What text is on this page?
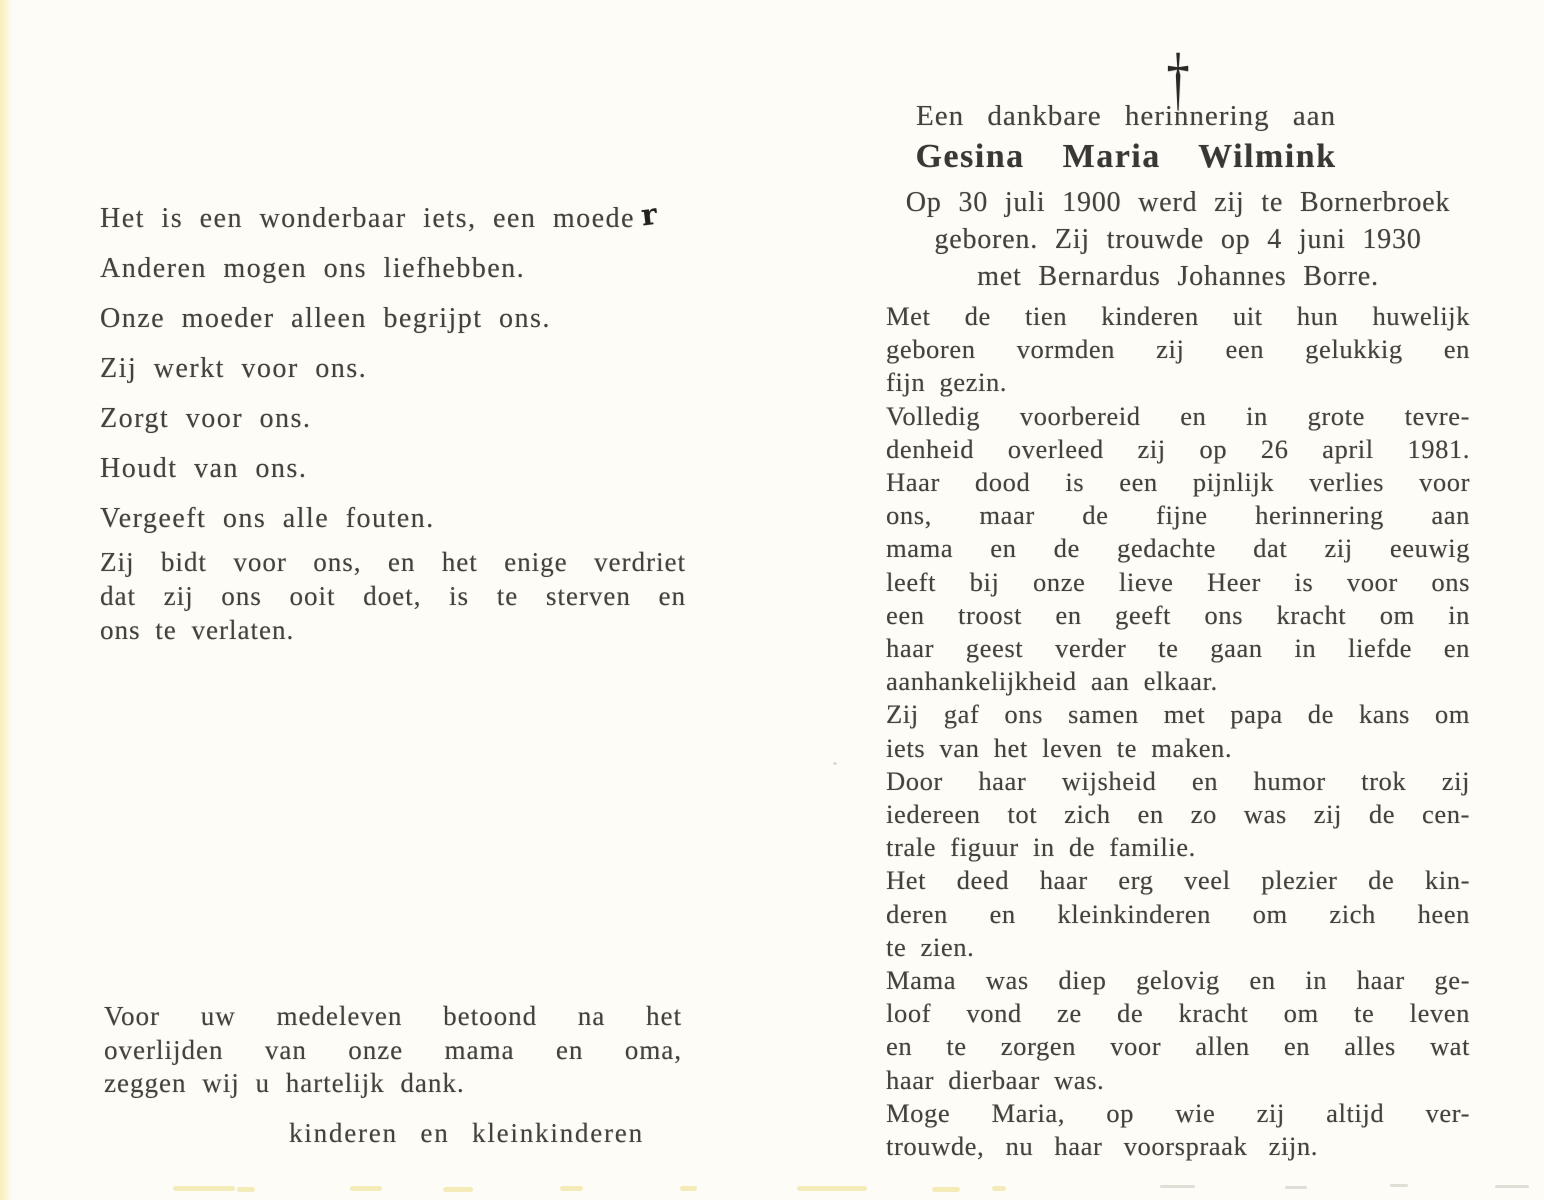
Het is een wonderbaar iets, een moede r
Anderen mogen ons liefhebben.
Onze moeder alleen begrijpt ons.
Zij werkt voor ons.
Zorgt voor ons.
Houdt van ons.
Vergeeft ons alle fouten.
Zij bidt voor ons, en het enige verdriet
dat zij ons ooit doet, is te sterven en
ons te verlaten.
Voor uw medeleven betoond na het
overlijden van onze mama en oma,
zeggen wij u hartelijk dank.
kinderen en kleinkinderen
†
Een dankbare herinnering aan
Gesina Maria Wilmink
Op 30 juli 1900 werd zij te Bornerbroek
geboren. Zij trouwde op 4 juni 1930
met Bernardus Johannes Borre.
Met de tien kinderen uit hun huwelijk
geboren vormden zij een gelukkig en
fijn gezin.
Volledig voorbereid en in grote tevre-
denheid overleed zij op 26 april 1981.
Haar dood is een pijnlijk verlies voor
ons, maar de fijne herinnering aan
mama en de gedachte dat zij eeuwig
leeft bij onze lieve Heer is voor ons
een troost en geeft ons kracht om in
haar geest verder te gaan in liefde en
aanhankelijkheid aan elkaar.
Zij gaf ons samen met papa de kans om
iets van het leven te maken.
Door haar wijsheid en humor trok zij
iedereen tot zich en zo was zij de cen-
trale figuur in de familie.
Het deed haar erg veel plezier de kin-
deren en kleinkinderen om zich heen
te zien.
Mama was diep gelovig en in haar ge-
loof vond ze de kracht om te leven
en te zorgen voor allen en alles wat
haar dierbaar was.
Moge Maria, op wie zij altijd ver-
trouwde, nu haar voorspraak zijn.
